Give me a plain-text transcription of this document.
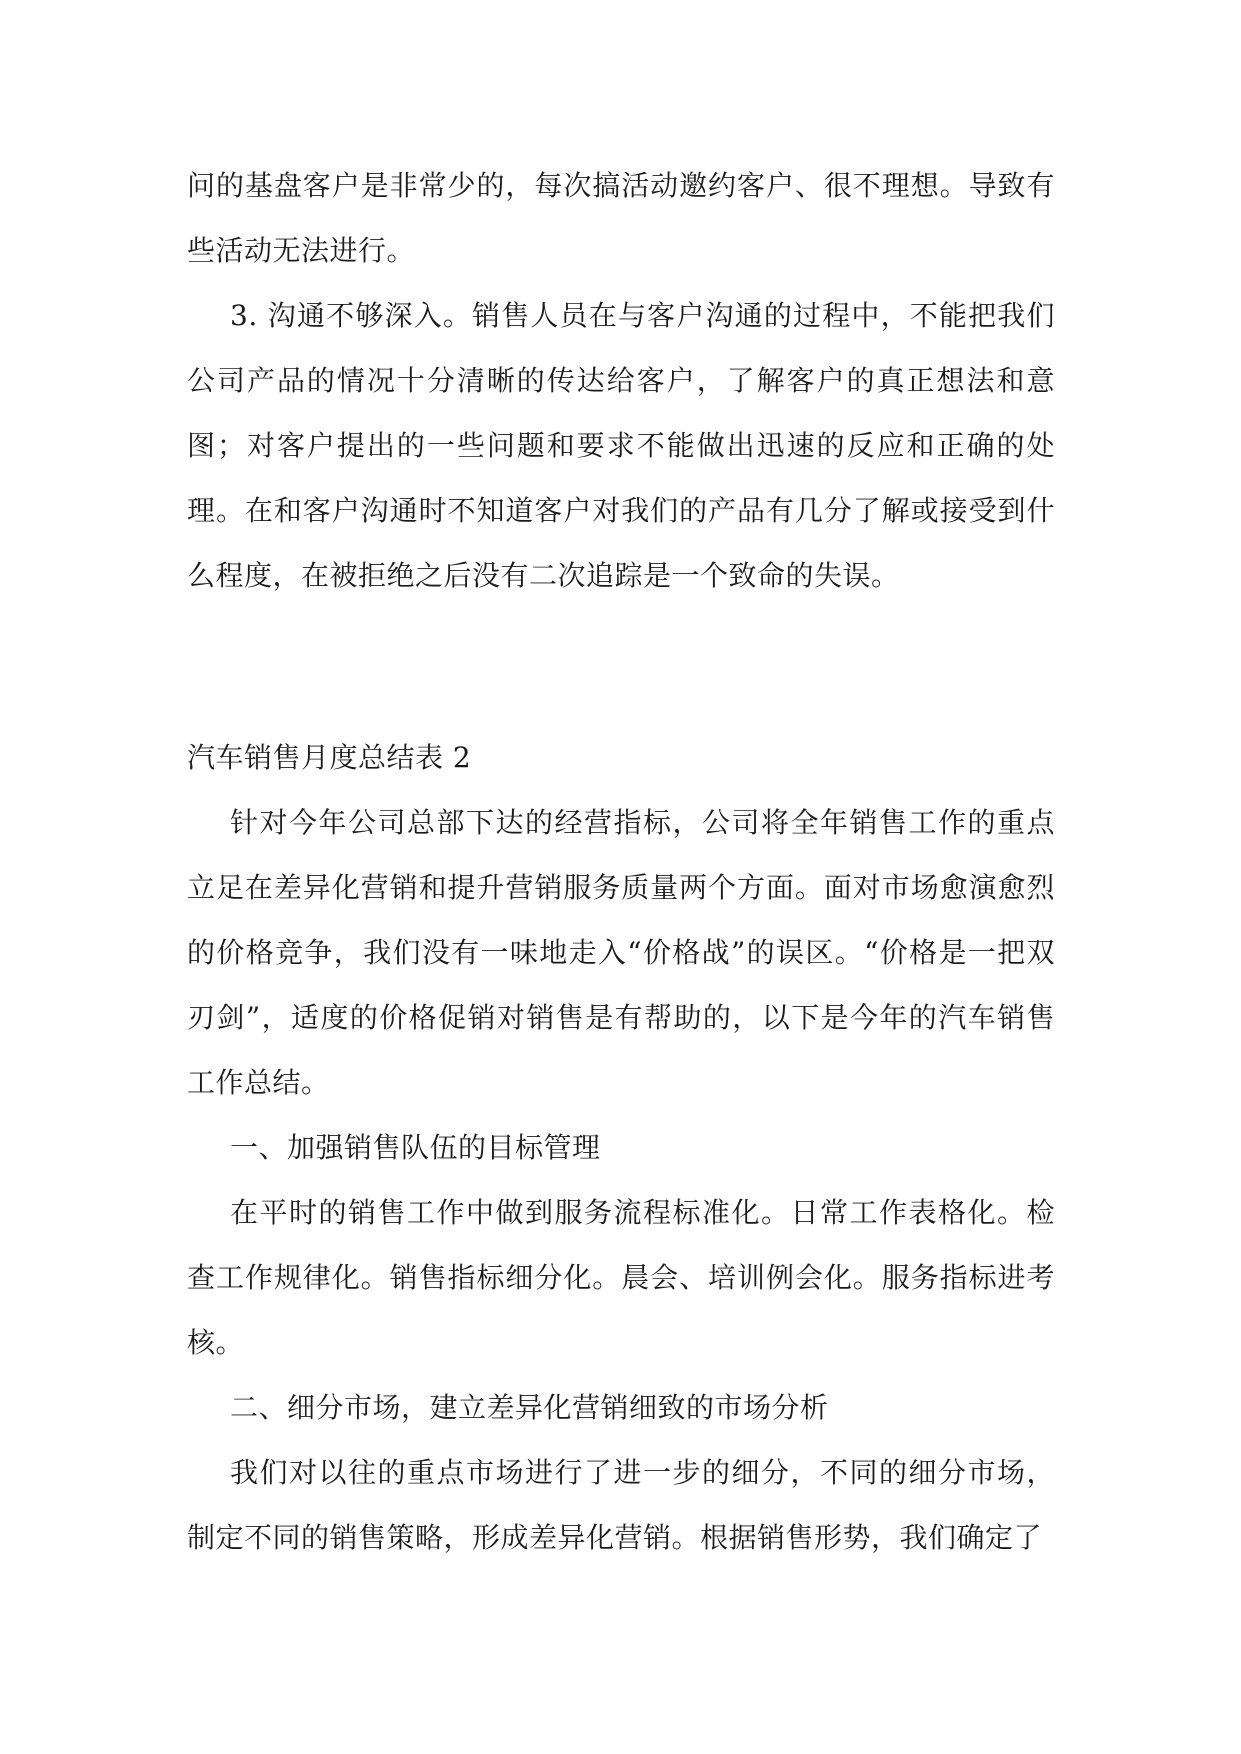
问的基盘客户是非常少的，每次搞活动邀约客户、很不理想。导致有些活动无法进行。

3. 沟通不够深入。销售人员在与客户沟通的过程中，不能把我们公司产品的情况十分清晰的传达给客户，了解客户的真正想法和意图；对客户提出的一些问题和要求不能做出迅速的反应和正确的处理。在和客户沟通时不知道客户对我们的产品有几分了解或接受到什么程度，在被拒绝之后没有二次追踪是一个致命的失误。

汽车销售月度总结表 2

针对今年公司总部下达的经营指标，公司将全年销售工作的重点立足在差异化营销和提升营销服务质量两个方面。面对市场愈演愈烈的价格竞争，我们没有一味地走入“价格战”的误区。“价格是一把双刃剑”，适度的价格促销对销售是有帮助的，以下是今年的汽车销售工作总结。

一、加强销售队伍的目标管理

在平时的销售工作中做到服务流程标准化。日常工作表格化。检查工作规律化。销售指标细分化。晨会、培训例会化。服务指标进考核。

二、细分市场，建立差异化营销细致的市场分析

我们对以往的重点市场进行了进一步的细分，不同的细分市场，制定不同的销售策略，形成差异化营销。根据销售形势，我们确定了
